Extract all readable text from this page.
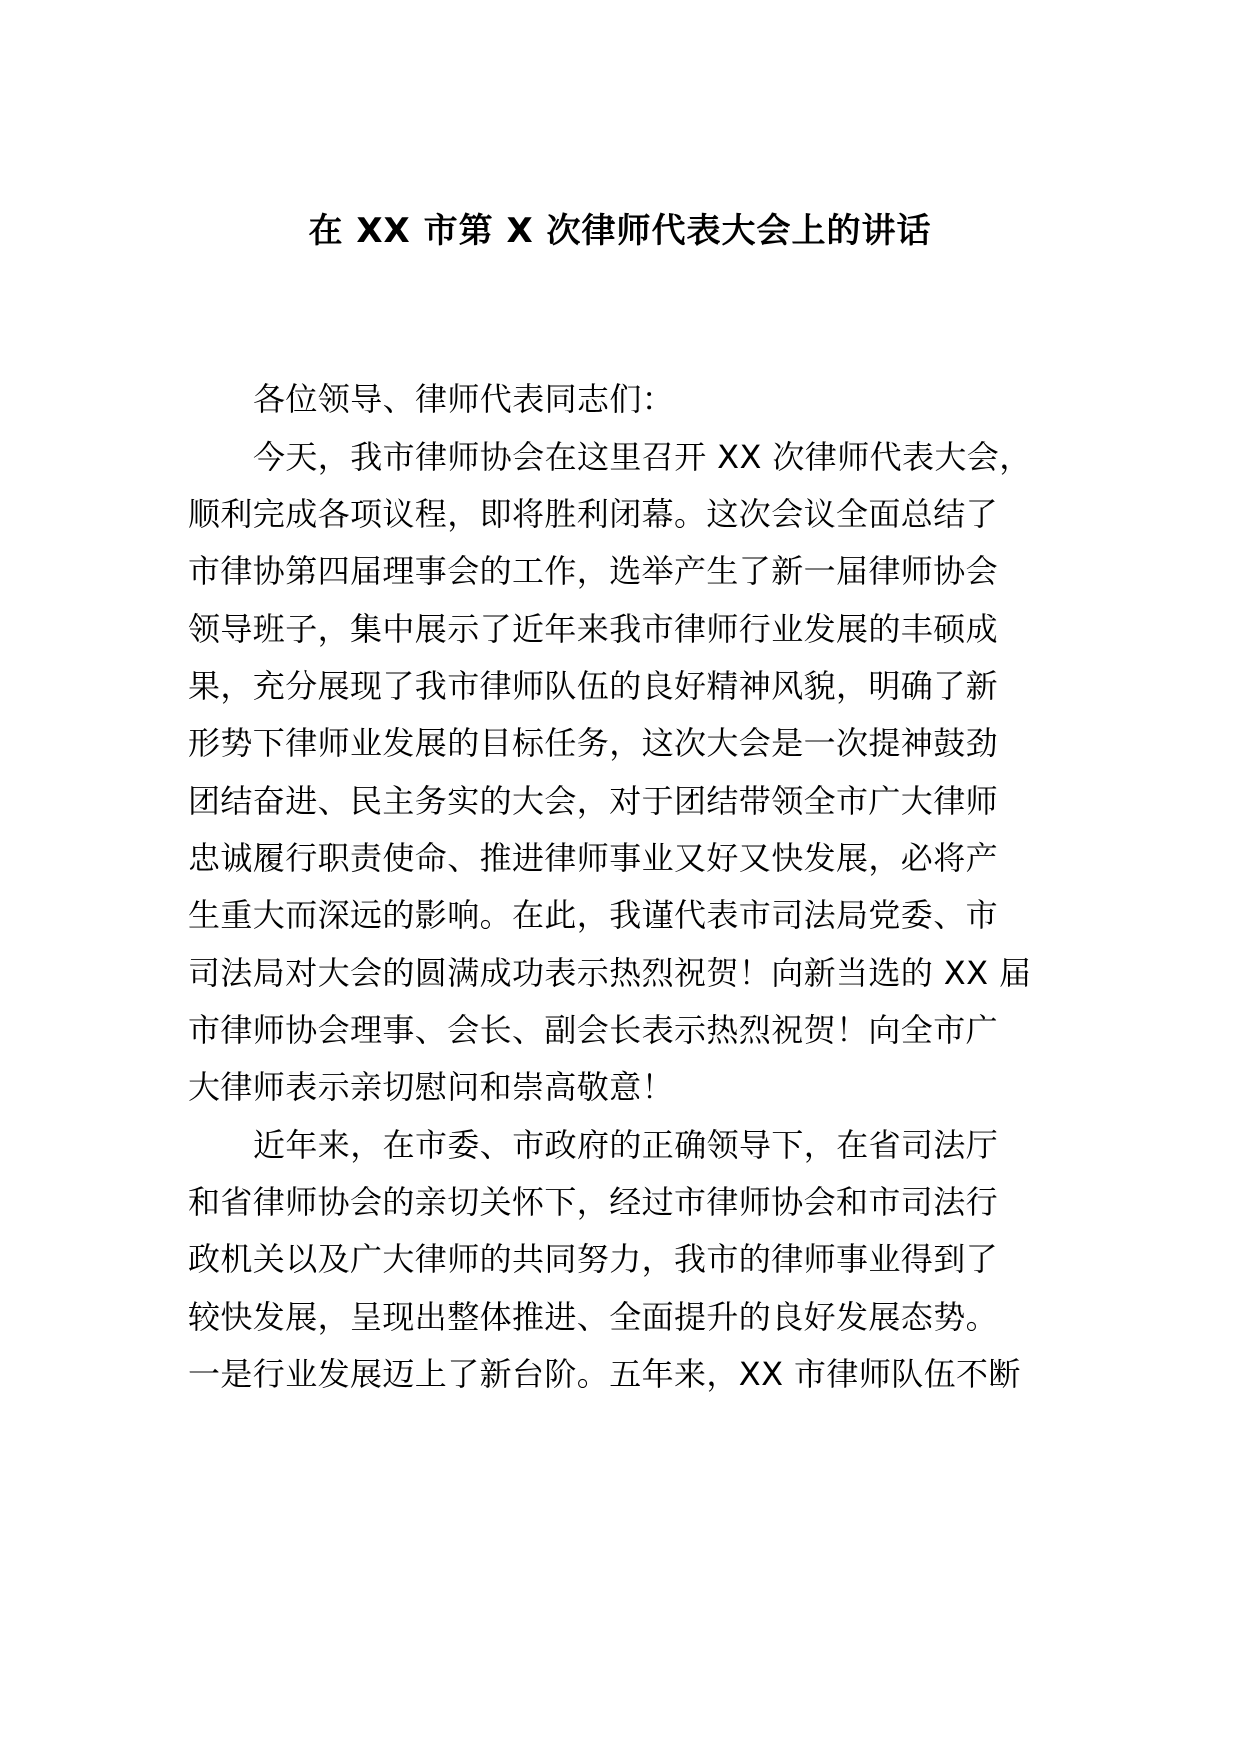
在 XX 市第 X 次律师代表大会上的讲话
各位领导、律师代表同志们：
今天，我市律师协会在这里召开 XX 次律师代表大会，
顺利完成各项议程，即将胜利闭幕。这次会议全面总结了
市律协第四届理事会的工作，选举产生了新一届律师协会
领导班子，集中展示了近年来我市律师行业发展的丰硕成
果，充分展现了我市律师队伍的良好精神风貌，明确了新
形势下律师业发展的目标任务，这次大会是一次提神鼓劲
团结奋进、民主务实的大会，对于团结带领全市广大律师
忠诚履行职责使命、推进律师事业又好又快发展，必将产
生重大而深远的影响。在此，我谨代表市司法局党委、市
司法局对大会的圆满成功表示热烈祝贺！向新当选的 XX 届
市律师协会理事、会长、副会长表示热烈祝贺！向全市广
大律师表示亲切慰问和崇高敬意！
近年来，在市委、市政府的正确领导下，在省司法厅
和省律师协会的亲切关怀下，经过市律师协会和市司法行
政机关以及广大律师的共同努力，我市的律师事业得到了
较快发展，呈现出整体推进、全面提升的良好发展态势。
一是行业发展迈上了新台阶。五年来，XX 市律师队伍不断
